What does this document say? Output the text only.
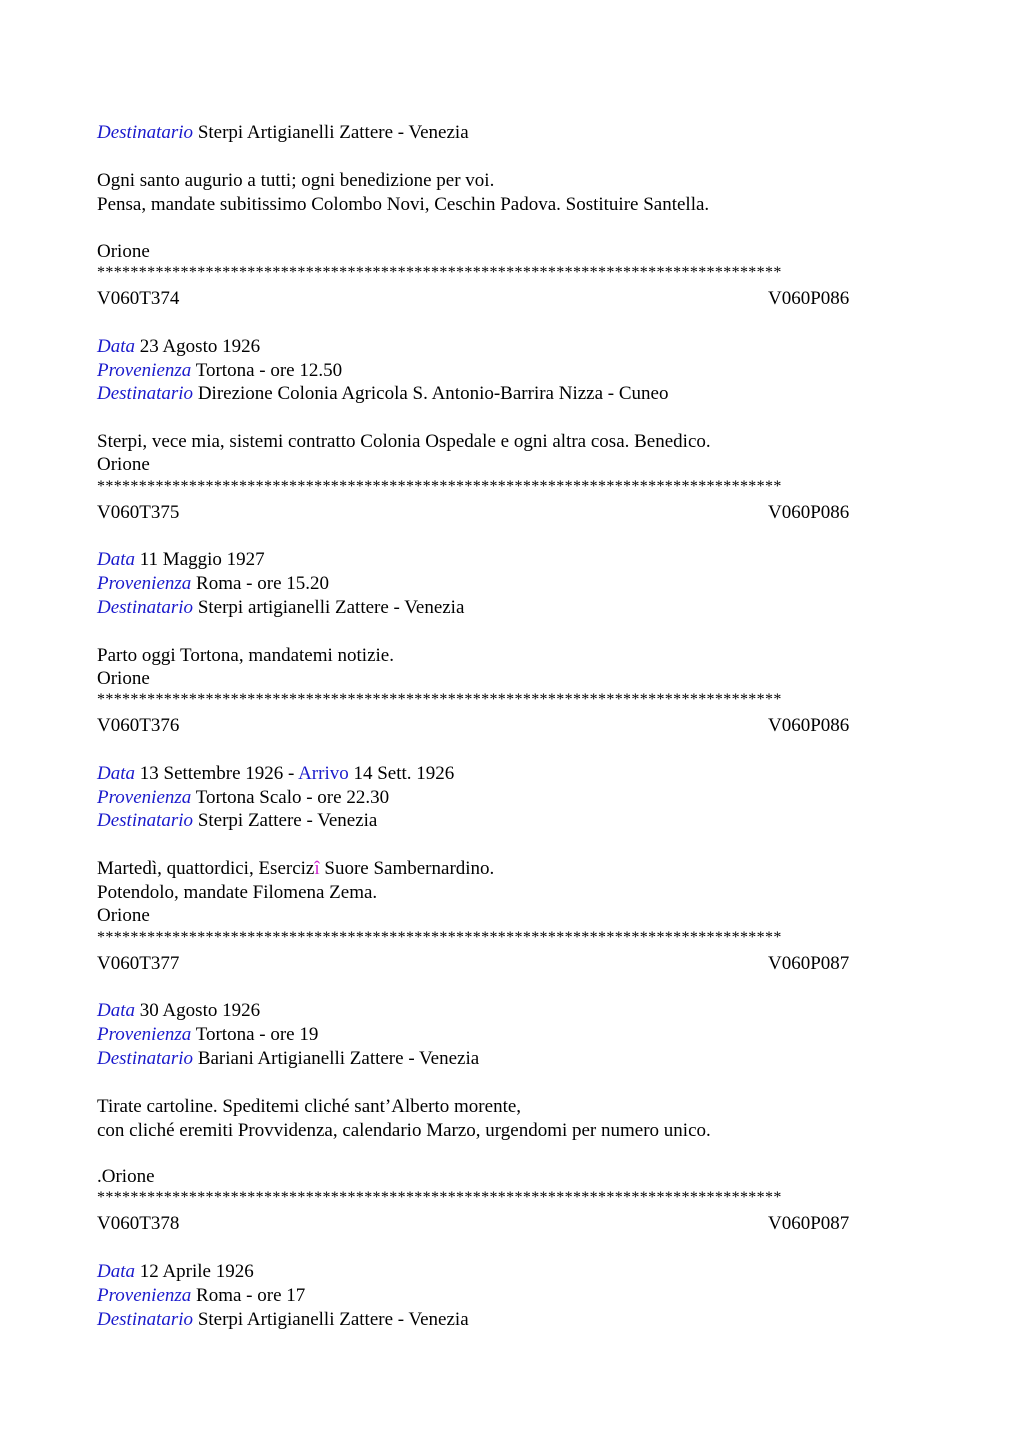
Destinatario Sterpi Artigianelli Zattere - Venezia
Ogni santo augurio a tutti; ogni benedizione per voi.
Pensa, mandate subitissimo Colombo Novi, Ceschin Padova. Sostituire Santella.
Orione
**********************************************************************************
V060T374	V060P086
Data 23 Agosto 1926
Provenienza Tortona - ore 12.50
Destinatario Direzione Colonia Agricola S. Antonio-Barrira Nizza - Cuneo
Sterpi, vece mia, sistemi contratto Colonia Ospedale e ogni altra cosa. Benedico.
Orione
**********************************************************************************
V060T375	V060P086
Data 11 Maggio 1927
Provenienza Roma - ore 15.20
Destinatario Sterpi artigianelli Zattere - Venezia
Parto oggi Tortona, mandatemi notizie.
Orione
**********************************************************************************
V060T376	V060P086
Data 13 Settembre 1926 - Arrivo 14 Sett. 1926
Provenienza Tortona Scalo - ore 22.30
Destinatario Sterpi Zattere - Venezia
Martedì, quattordici, Esercizî Suore Sambernardino.
Potendolo, mandate Filomena Zema.
Orione
**********************************************************************************
V060T377	V060P087
Data 30 Agosto 1926
Provenienza Tortona - ore 19
Destinatario Bariani Artigianelli Zattere - Venezia
Tirate cartoline. Speditemi cliché sant’Alberto morente,
con cliché eremiti Provvidenza, calendario Marzo, urgendomi per numero unico.
.Orione
**********************************************************************************
V060T378	V060P087
Data 12 Aprile 1926
Provenienza Roma - ore 17
Destinatario Sterpi Artigianelli Zattere - Venezia
